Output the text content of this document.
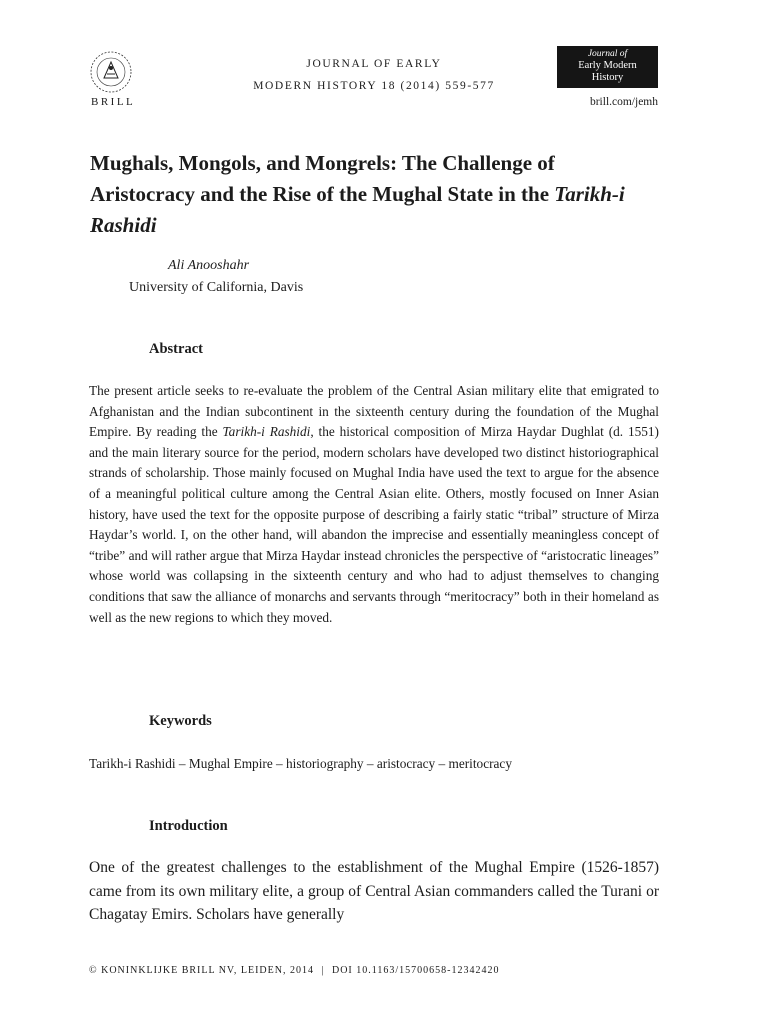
BRILL
JOURNAL OF EARLY
MODERN HISTORY 18 (2014) 559-577
Journal of
Early Modern
History
brill.com/jemh
Mughals, Mongols, and Mongrels: The Challenge of Aristocracy and the Rise of the Mughal State in the Tarikh-i Rashidi
Ali Anooshahr
University of California, Davis
Abstract

The present article seeks to re-evaluate the problem of the Central Asian military elite that emigrated to Afghanistan and the Indian subcontinent in the sixteenth century during the foundation of the Mughal Empire. By reading the Tarikh-i Rashidi, the historical composition of Mirza Haydar Dughlat (d. 1551) and the main literary source for the period, modern scholars have developed two distinct historiographical strands of scholarship. Those mainly focused on Mughal India have used the text to argue for the absence of a meaningful political culture among the Central Asian elite. Others, mostly focused on Inner Asian history, have used the text for the opposite purpose of describing a fairly static “tribal” structure of Mirza Haydar’s world. I, on the other hand, will abandon the imprecise and essentially meaningless concept of “tribe” and will rather argue that Mirza Haydar instead chronicles the perspective of “aristocratic lineages” whose world was collapsing in the sixteenth century and who had to adjust themselves to changing conditions that saw the alliance of monarchs and servants through “meritocracy” both in their homeland as well as the new regions to which they moved.

Keywords
Tarikh-i Rashidi – Mughal Empire – historiography – aristocracy – meritocracy
Introduction

One of the greatest challenges to the establishment of the Mughal Empire (1526-1857) came from its own military elite, a group of Central Asian commanders called the Turani or Chagatay Emirs. Scholars have generally

© KONINKLIJKE BRILL NV, LEIDEN, 2014 | DOI 10.1163/15700658-12342420
